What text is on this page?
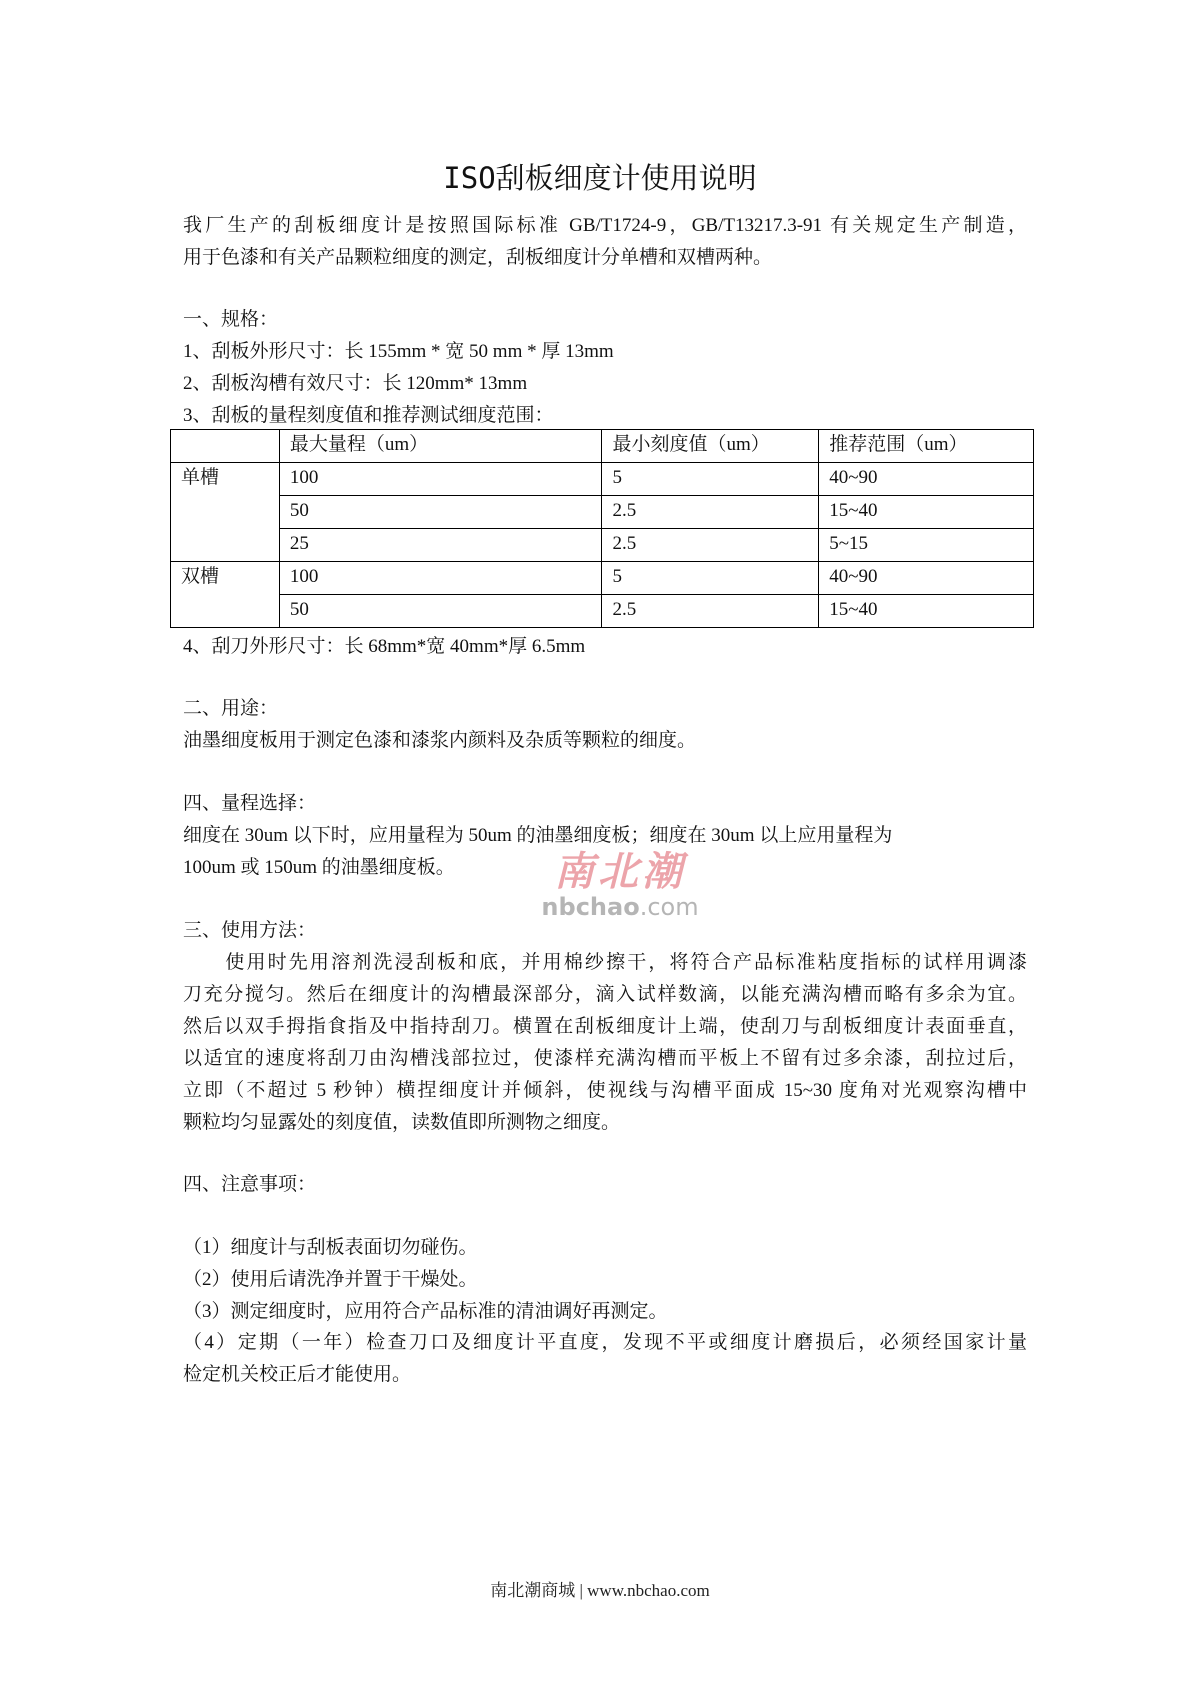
ISO刮板细度计使用说明
我厂生产的刮板细度计是按照国际标准 GB/T1724-9，GB/T13217.3-91 有关规定生产制造，
用于色漆和有关产品颗粒细度的测定，刮板细度计分单槽和双槽两种。
一、规格：
1、刮板外形尺寸：长 155mm * 宽 50 mm * 厚 13mm
2、刮板沟槽有效尺寸：长 120mm* 13mm
3、刮板的量程刻度值和推荐测试细度范围：
	最大量程（um）	最小刻度值（um）	推荐范围（um）
单槽	100	5	40~90
	50	2.5	15~40
	25	2.5	5~15
双槽	100	5	40~90
	50	2.5	15~40
4、刮刀外形尺寸：长 68mm*宽 40mm*厚 6.5mm
二、用途：
油墨细度板用于测定色漆和漆浆内颜料及杂质等颗粒的细度。
四、量程选择：
细度在 30um 以下时，应用量程为 50um 的油墨细度板；细度在 30um 以上应用量程为
100um 或 150um 的油墨细度板。	南北潮
nbchao.com
三、使用方法：
　　使用时先用溶剂洗浸刮板和底，并用棉纱擦干，将符合产品标准粘度指标的试样用调漆
刀充分搅匀。然后在细度计的沟槽最深部分，滴入试样数滴，以能充满沟槽而略有多余为宜。
然后以双手拇指食指及中指持刮刀。横置在刮板细度计上端，使刮刀与刮板细度计表面垂直，
以适宜的速度将刮刀由沟槽浅部拉过，使漆样充满沟槽而平板上不留有过多余漆，刮拉过后，
立即（不超过 5 秒钟）横捏细度计并倾斜，使视线与沟槽平面成 15~30 度角对光观察沟槽中
颗粒均匀显露处的刻度值，读数值即所测物之细度。
四、注意事项：
（1）细度计与刮板表面切勿碰伤。
（2）使用后请洗净并置于干燥处。
（3）测定细度时，应用符合产品标准的清油调好再测定。
（4）定期（一年）检查刀口及细度计平直度，发现不平或细度计磨损后，必须经国家计量
检定机关校正后才能使用。
南北潮商城 | www.nbchao.com
